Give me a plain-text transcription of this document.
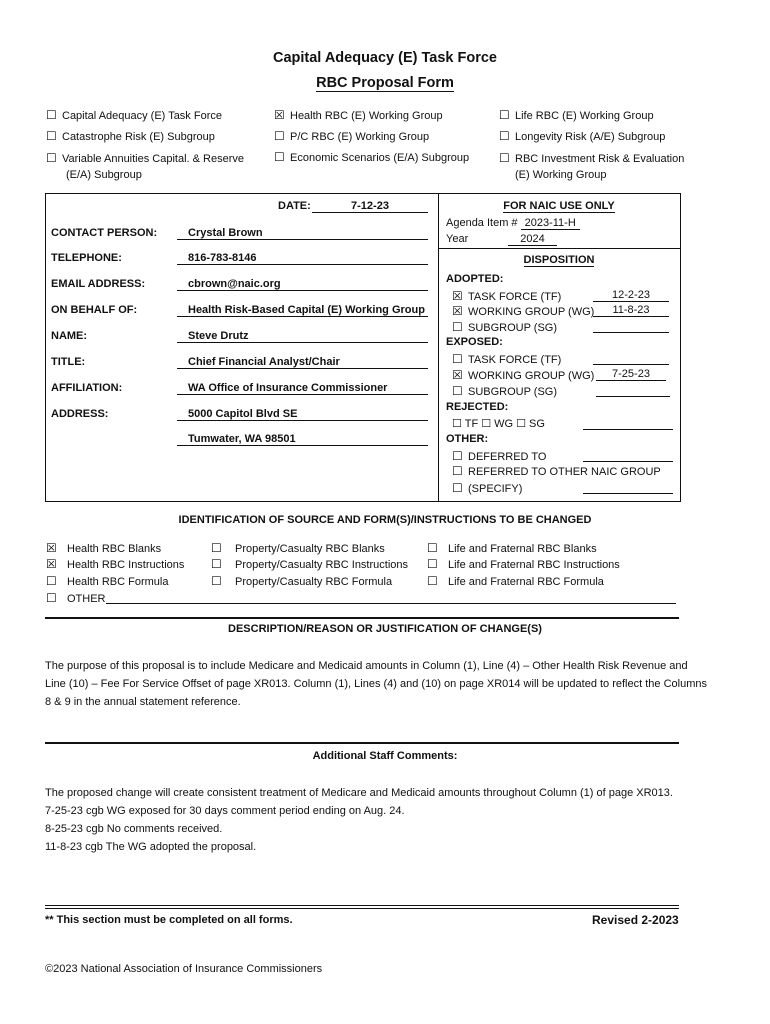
Capital Adequacy (E) Task Force
RBC Proposal Form
☐ Capital Adequacy (E) Task Force	☒ Health RBC (E) Working Group	☐ Life RBC (E) Working Group
☐ Catastrophe Risk (E) Subgroup	☐ P/C RBC (E) Working Group	☐ Longevity Risk (A/E) Subgroup
☐ Variable Annuities Capital. & Reserve
(E/A) Subgroup
☐ Economic Scenarios (E/A) Subgroup ☐ RBC Investment Risk & Evaluation
(E) Working Group
DATE:	7-12-23
CONTACT PERSON:	Crystal Brown
TELEPHONE:	816-783-8146
EMAIL ADDRESS:	cbrown@naic.org
ON BEHALF OF:	Health Risk-Based Capital (E) Working Group
NAME:	Steve Drutz
TITLE:	Chief Financial Analyst/Chair
AFFILIATION:	WA Office of Insurance Commissioner
ADDRESS:	5000 Capitol Blvd SE
Tumwater, WA 98501
FOR NAIC USE ONLY
Agenda Item # 2023-11-H
Year	2024
DISPOSITION
ADOPTED:
☒ TASK FORCE (TF)	12-2-23
☒ WORKING GROUP (WG)	11-8-23
☐ SUBGROUP (SG)
EXPOSED:
☐ TASK FORCE (TF)
☒ WORKING GROUP (WG)	7-25-23
☐ SUBGROUP (SG)
REJECTED:
☐ TF ☐ WG ☐ SG
OTHER:
☐ DEFERRED TO
☐ REFERRED TO OTHER NAIC GROUP
☐ (SPECIFY)
IDENTIFICATION OF SOURCE AND FORM(S)/INSTRUCTIONS TO BE CHANGED
☒ Health RBC Blanks	☐ Property/Casualty RBC Blanks	☐ Life and Fraternal RBC Blanks
☒ Health RBC Instructions ☐ Property/Casualty RBC Instructions ☐ Life and Fraternal RBC Instructions
☐ Health RBC Formula	☐ Property/Casualty RBC Formula	☐ Life and Fraternal RBC Formula
☐ OTHER
DESCRIPTION/REASON OR JUSTIFICATION OF CHANGE(S)
The purpose of this proposal is to include Medicare and Medicaid amounts in Column (1), Line (4) – Other Health Risk Revenue and
Line (10) – Fee For Service Offset of page XR013. Column (1), Lines (4) and (10) on page XR014 will be updated to reflect the Columns
8 & 9 in the annual statement reference.
Additional Staff Comments:
The proposed change will create consistent treatment of Medicare and Medicaid amounts throughout Column (1) of page XR013.
7-25-23 cgb WG exposed for 30 days comment period ending on Aug. 24.
8-25-23 cgb No comments received.
11-8-23 cgb The WG adopted the proposal.
** This section must be completed on all forms.	Revised 2-2023
©2023 National Association of Insurance Commissioners
